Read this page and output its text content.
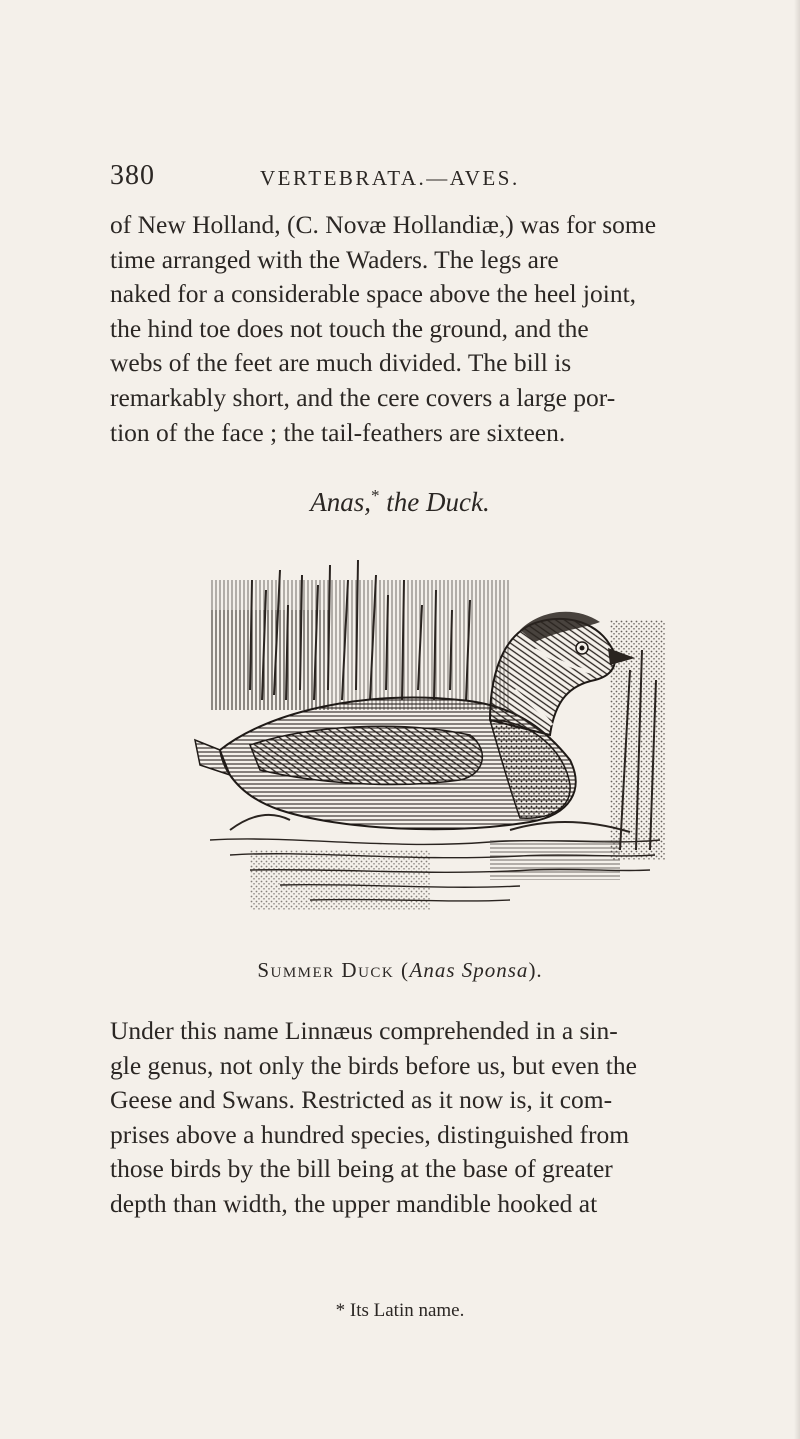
380	VERTEBRATA.—AVES.

of New Holland, (C. Novæ Hollandiæ,) was for some
time arranged with the Waders. The legs are
naked for a considerable space above the heel joint,
the hind toe does not touch the ground, and the
webs of the feet are much divided. The bill is
remarkably short, and the cere covers a large por-
tion of the face ; the tail-feathers are sixteen.

Anas,* the Duck.

Summer Duck (Anas Sponsa).

Under this name Linnæus comprehended in a sin-
gle genus, not only the birds before us, but even the
Geese and Swans. Restricted as it now is, it com-
prises above a hundred species, distinguished from
those birds by the bill being at the base of greater
depth than width, the upper mandible hooked at

* Its Latin name.
